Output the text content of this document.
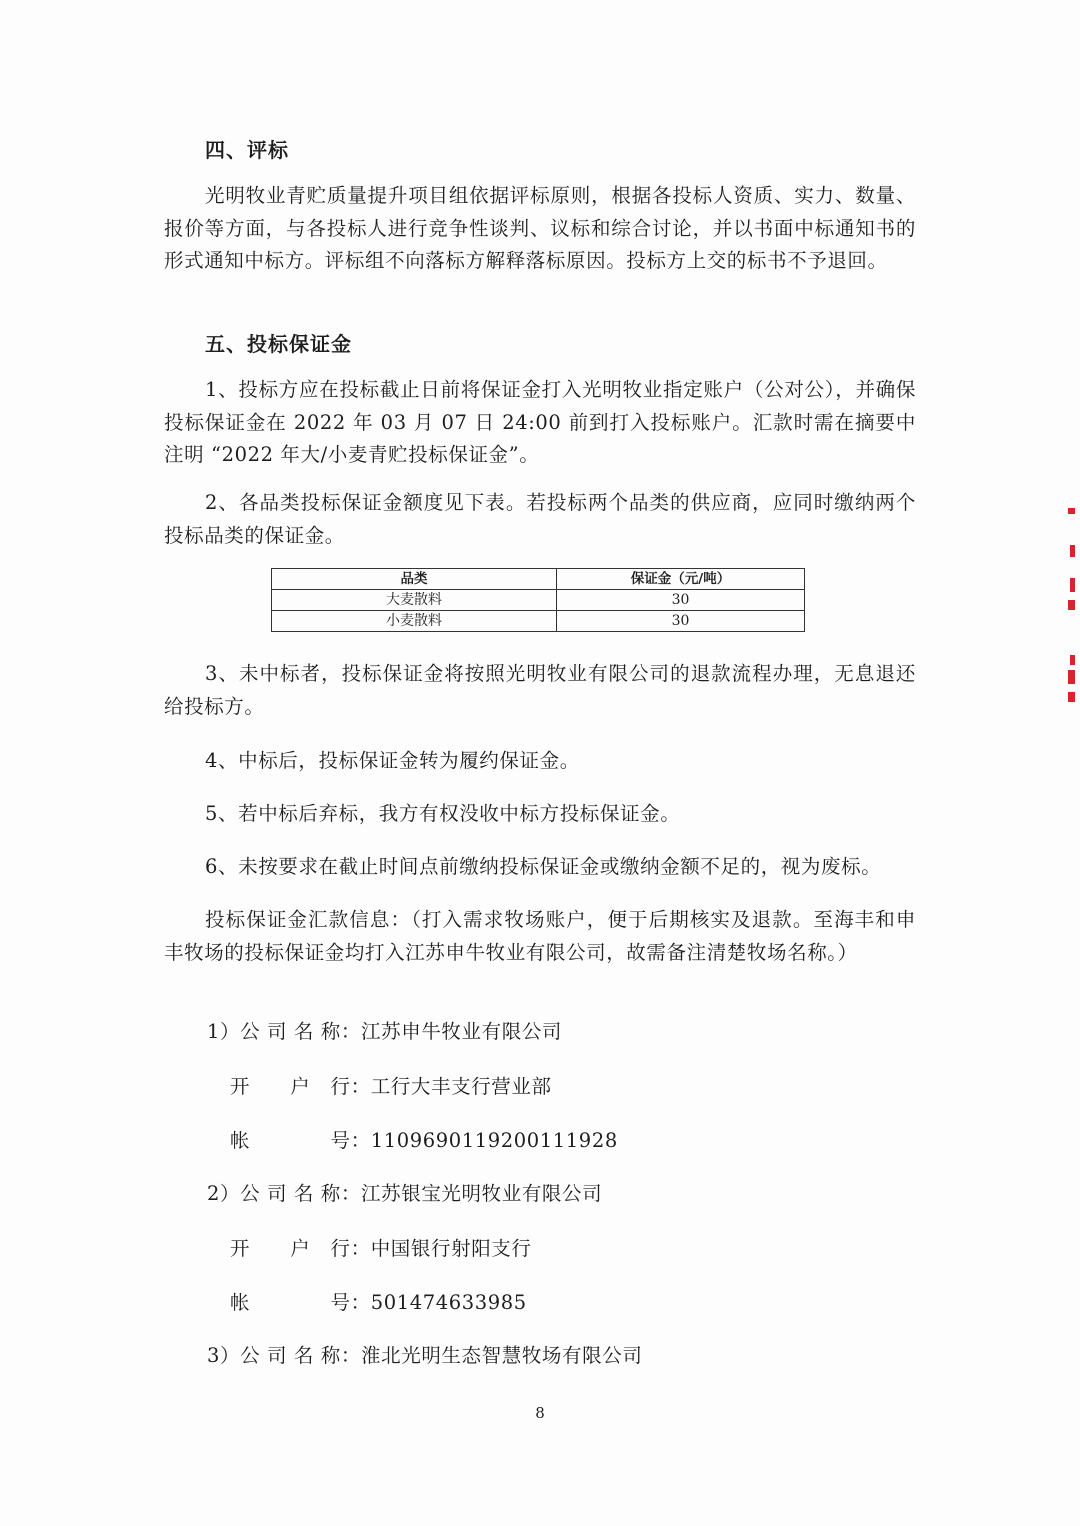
四、评标
光明牧业青贮质量提升项目组依据评标原则，根据各投标人资质、实力、数量、报价等方面，与各投标人进行竞争性谈判、议标和综合讨论，并以书面中标通知书的形式通知中标方。评标组不向落标方解释落标原因。投标方上交的标书不予退回。
五、投标保证金
1、投标方应在投标截止日前将保证金打入光明牧业指定账户（公对公），并确保投标保证金在 2022 年 03 月 07 日 24:00 前到打入投标账户。汇款时需在摘要中注明 “2022 年大/小麦青贮投标保证金”。
2、各品类投标保证金额度见下表。若投标两个品类的供应商，应同时缴纳两个投标品类的保证金。
品类	保证金（元/吨）
大麦散料	30
小麦散料	30
3、未中标者，投标保证金将按照光明牧业有限公司的退款流程办理，无息退还给投标方。
4、中标后，投标保证金转为履约保证金。
5、若中标后弃标，我方有权没收中标方投标保证金。
6、未按要求在截止时间点前缴纳投标保证金或缴纳金额不足的，视为废标。
投标保证金汇款信息：（打入需求牧场账户，便于后期核实及退款。至海丰和申丰牧场的投标保证金均打入江苏申牛牧业有限公司，故需备注清楚牧场名称。）
1）公 司 名 称：江苏申牛牧业有限公司
开　　户　行：工行大丰支行营业部
帐　　　　号：1109690119200111928
2）公 司 名 称：江苏银宝光明牧业有限公司
开　　户　行：中国银行射阳支行
帐　　　　号：501474633985
3）公 司 名 称：淮北光明生态智慧牧场有限公司
8
